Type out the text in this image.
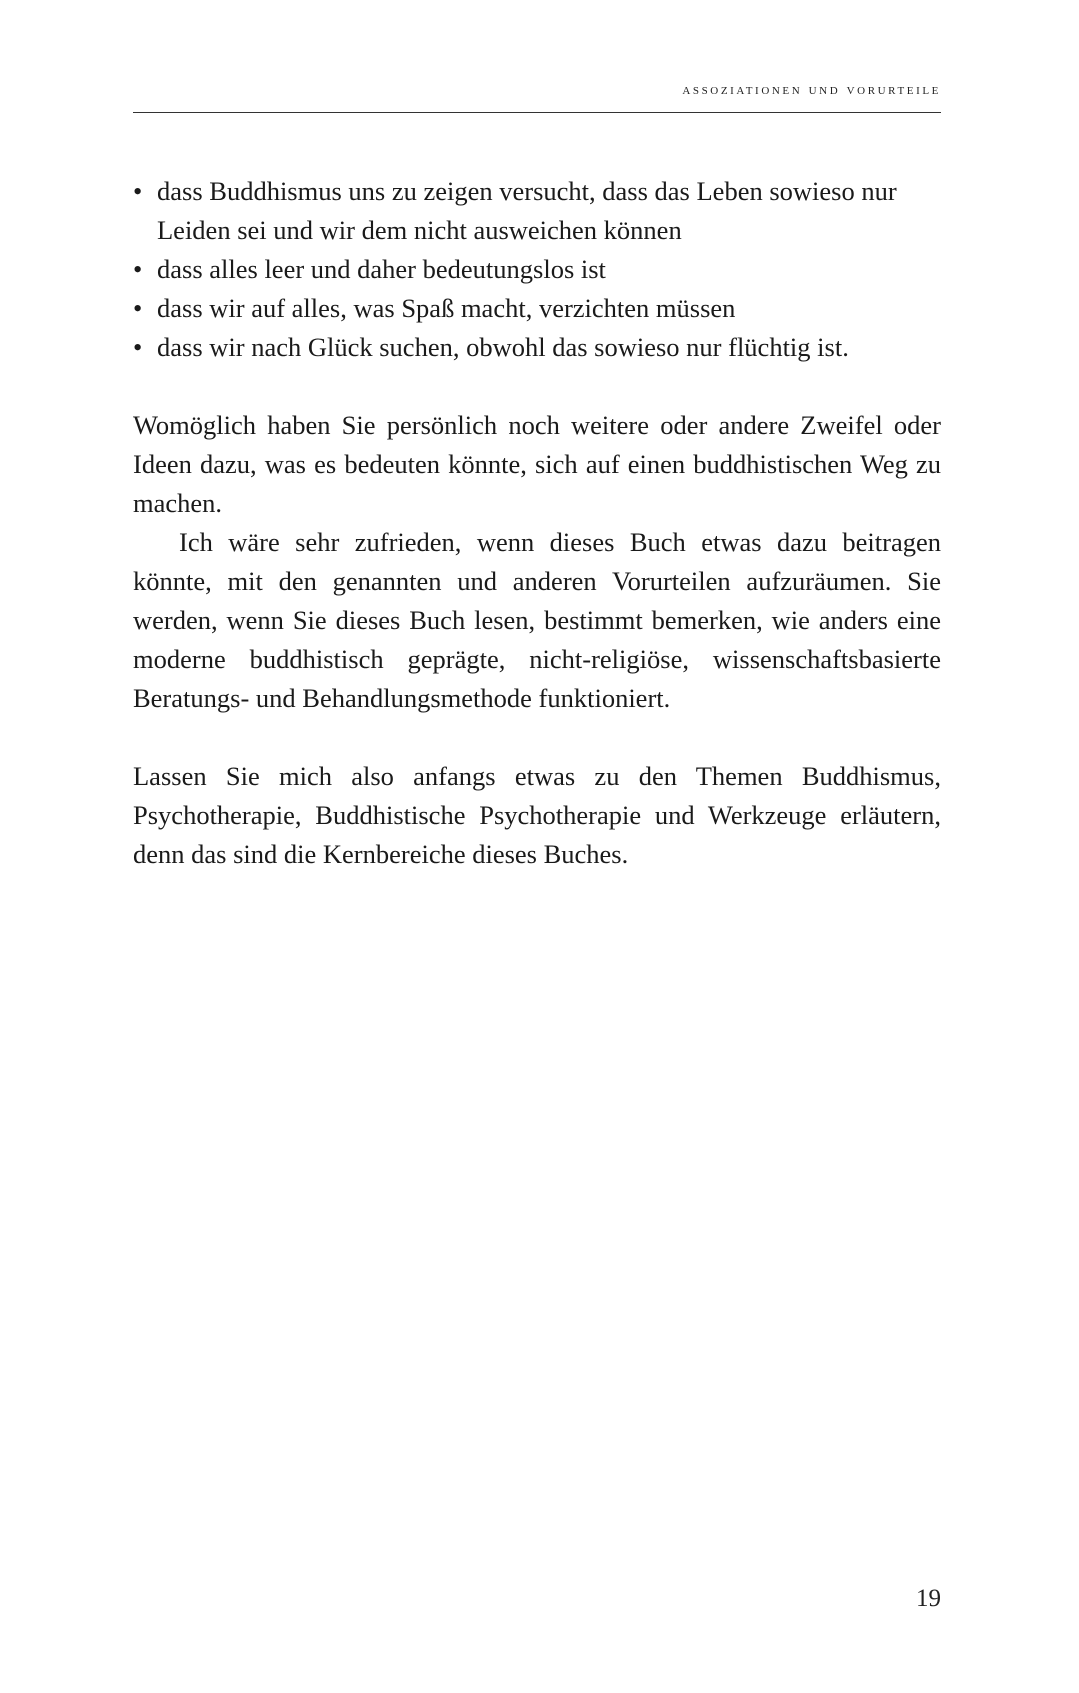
assoziationen und vorurteile
• dass Buddhismus uns zu zeigen versucht, dass das Leben sowieso nur Leiden sei und wir dem nicht ausweichen können
• dass alles leer und daher bedeutungslos ist
• dass wir auf alles, was Spaß macht, verzichten müssen
• dass wir nach Glück suchen, obwohl das sowieso nur flüchtig ist.

Womöglich haben Sie persönlich noch weitere oder andere Zweifel oder Ideen dazu, was es bedeuten könnte, sich auf einen buddhistischen Weg zu machen.

Ich wäre sehr zufrieden, wenn dieses Buch etwas dazu beitragen könnte, mit den genannten und anderen Vorurteilen aufzuräumen. Sie werden, wenn Sie dieses Buch lesen, bestimmt bemerken, wie anders eine moderne buddhistisch geprägte, nicht-religiöse, wissenschaftsbasierte Beratungs- und Behandlungsmethode funktioniert.

Lassen Sie mich also anfangs etwas zu den Themen Buddhismus, Psychotherapie, Buddhistische Psychotherapie und Werkzeuge erläutern, denn das sind die Kernbereiche dieses Buches.

19
